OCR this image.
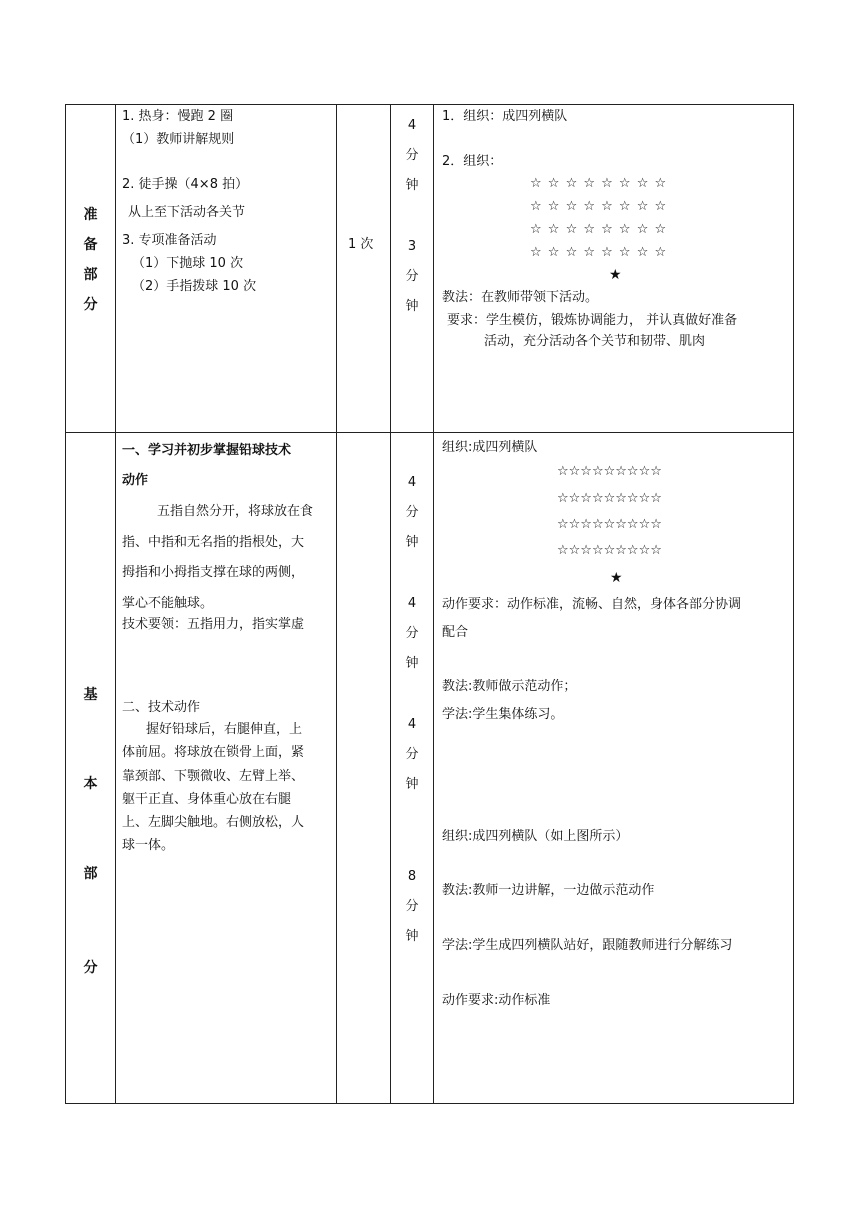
准
备
部
分
1. 热身：慢跑 2 圈
（1）教师讲解规则
2. 徒手操（4×8 拍）
从上至下活动各关节
3. 专项准备活动
（1）下抛球 10 次
（2）手指拨球 10 次
1 次
4
分
钟
3
分
钟
1．组织：成四列横队
2．组织：
☆ ☆ ☆ ☆ ☆ ☆ ☆ ☆
☆ ☆ ☆ ☆ ☆ ☆ ☆ ☆
☆ ☆ ☆ ☆ ☆ ☆ ☆ ☆
☆ ☆ ☆ ☆ ☆ ☆ ☆ ☆
★
教法：在教师带领下活动。
要求：学生模仿，锻炼协调能力， 并认真做好准备
活动，充分活动各个关节和韧带、肌肉
基
本
部
分
一、学习并初步掌握铅球技术
动作
五指自然分开，将球放在食
指、中指和无名指的指根处，大
拇指和小拇指支撑在球的两侧，
掌心不能触球。
技术要领：五指用力，指实掌虚
二、技术动作
握好铅球后，右腿伸直，上
体前屈。将球放在锁骨上面，紧
靠颈部、下颚微收、左臂上举、
躯干正直、身体重心放在右腿
上、左脚尖触地。右侧放松，人
球一体。
4
分
钟
4
分
钟
4
分
钟
8
分
钟
组织:成四列横队
☆☆☆☆☆☆☆☆☆
☆☆☆☆☆☆☆☆☆
☆☆☆☆☆☆☆☆☆
☆☆☆☆☆☆☆☆☆
★
动作要求：动作标准，流畅、自然，身体各部分协调
配合
教法:教师做示范动作；
学法:学生集体练习。
组织:成四列横队（如上图所示）
教法:教师一边讲解，一边做示范动作
学法:学生成四列横队站好，跟随教师进行分解练习
动作要求:动作标准
